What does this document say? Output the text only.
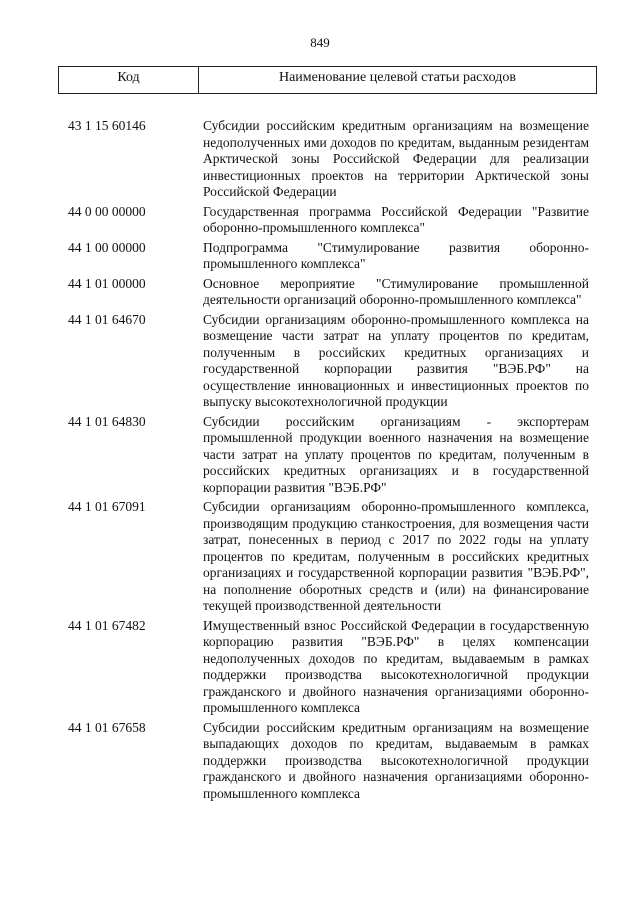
849
Код	Наименование целевой статьи расходов
43 1 15 60146	Субсидии российским кредитным организациям на возмещение недополученных ими доходов по кредитам, выданным резидентам Арктической зоны Российской Федерации для реализации инвестиционных проектов на территории Арктической зоны Российской Федерации
44 0 00 00000	Государственная программа Российской Федерации "Развитие оборонно-промышленного комплекса"
44 1 00 00000	Подпрограмма "Стимулирование развития оборонно-промышленного комплекса"
44 1 01 00000	Основное мероприятие "Стимулирование промышленной деятельности организаций оборонно-промышленного комплекса"
44 1 01 64670	Субсидии организациям оборонно-промышленного комплекса на возмещение части затрат на уплату процентов по кредитам, полученным в российских кредитных организациях и государственной корпорации развития "ВЭБ.РФ" на осуществление инновационных и инвестиционных проектов по выпуску высокотехнологичной продукции
44 1 01 64830	Субсидии российским организациям - экспортерам промышленной продукции военного назначения на возмещение части затрат на уплату процентов по кредитам, полученным в российских кредитных организациях и в государственной корпорации развития "ВЭБ.РФ"
44 1 01 67091	Субсидии организациям оборонно-промышленного комплекса, производящим продукцию станкостроения, для возмещения части затрат, понесенных в период с 2017 по 2022 годы на уплату процентов по кредитам, полученным в российских кредитных организациях и государственной корпорации развития "ВЭБ.РФ", на пополнение оборотных средств и (или) на финансирование текущей производственной деятельности
44 1 01 67482	Имущественный взнос Российской Федерации в государственную корпорацию развития "ВЭБ.РФ" в целях компенсации недополученных доходов по кредитам, выдаваемым в рамках поддержки производства высокотехнологичной продукции гражданского и двойного назначения организациями оборонно-промышленного комплекса
44 1 01 67658	Субсидии российским кредитным организациям на возмещение выпадающих доходов по кредитам, выдаваемым в рамках поддержки производства высокотехнологичной продукции гражданского и двойного назначения организациями оборонно-промышленного комплекса
